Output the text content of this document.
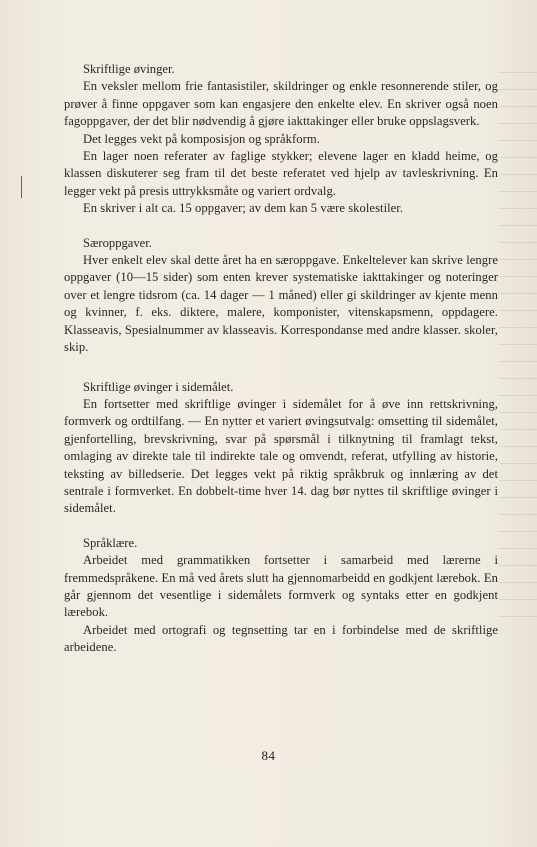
Skriftlige øvinger.

En veksler mellom frie fantasistiler, skildringer og enkle resonnerende stiler, og prøver å finne oppgaver som kan engasjere den enkelte elev. En skriver også noen fagoppgaver, der det blir nødvendig å gjøre iakttakinger eller bruke oppslagsverk.

Det legges vekt på komposisjon og språkform.

En lager noen referater av faglige stykker; elevene lager en kladd heime, og klassen diskuterer seg fram til det beste referatet ved hjelp av tavleskrivning. En legger vekt på presis uttrykksmåte og variert ordvalg.

En skriver i alt ca. 15 oppgaver; av dem kan 5 være skolestiler.

Særoppgaver.

Hver enkelt elev skal dette året ha en særoppgave. Enkeltelever kan skrive lengre oppgaver (10—15 sider) som enten krever systematiske iakttakinger og noteringer over et lengre tidsrom (ca. 14 dager — 1 måned) eller gi skildringer av kjente menn og kvinner, f. eks. diktere, malere, komponister, vitenskapsmenn, oppdagere. Klasseavis, Spesialnummer av klasseavis. Korrespondanse med andre klasser. skoler, skip.

Skriftlige øvinger i sidemålet.

En fortsetter med skriftlige øvinger i sidemålet for å øve inn rettskrivning, formverk og ordtilfang. — En nytter et variert øvingsutvalg: omsetting til sidemålet, gjenfortelling, brevskrivning, svar på spørsmål i tilknytning til framlagt tekst, omlaging av direkte tale til indirekte tale og omvendt, referat, utfylling av historie, teksting av billedserie. Det legges vekt på riktig språkbruk og innlæring av det sentrale i formverket. En dobbelt-time hver 14. dag bør nyttes til skriftlige øvinger i sidemålet.

Språklære.

Arbeidet med grammatikken fortsetter i samarbeid med lærerne i fremmedspråkene. En må ved årets slutt ha gjennomarbeidd en godkjent lærebok. En går gjennom det vesentlige i sidemålets formverk og syntaks etter en godkjent lærebok.

Arbeidet med ortografi og tegnsetting tar en i forbindelse med de skriftlige arbeidene.

84
